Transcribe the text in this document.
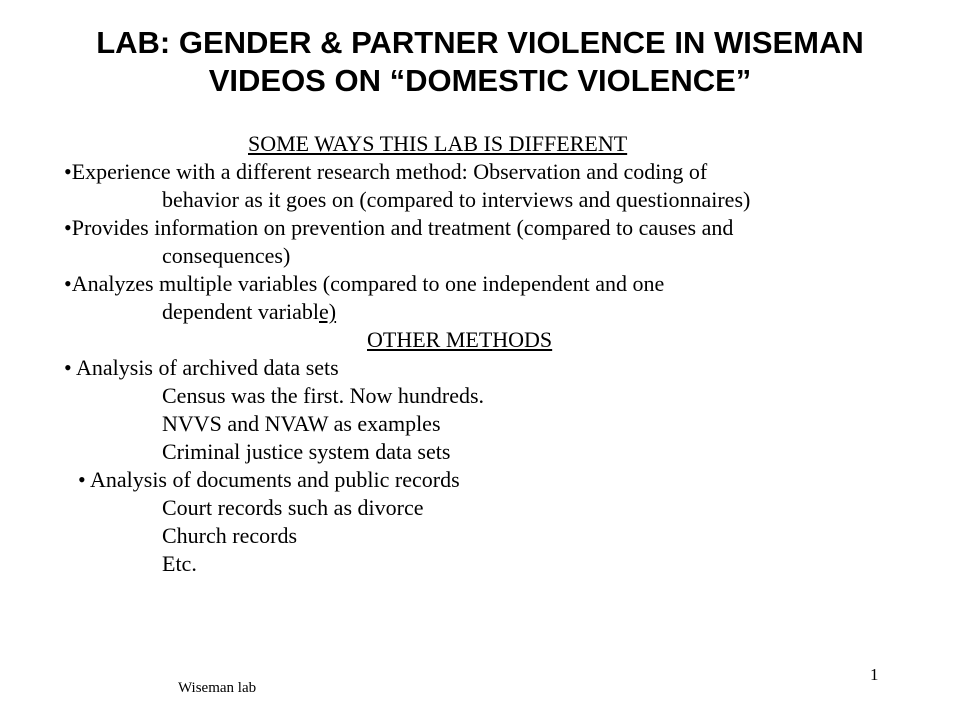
LAB: GENDER & PARTNER VIOLENCE IN WISEMAN
VIDEOS ON “DOMESTIC VIOLENCE”
SOME WAYS THIS LAB IS DIFFERENT
•Experience with a different research method: Observation and coding of
behavior as it goes on (compared to interviews and questionnaires)
•Provides information on prevention and treatment (compared to causes and
consequences)
•Analyzes multiple variables (compared to one independent and one
dependent variable)
OTHER METHODS
• Analysis of archived data sets
Census was the first. Now hundreds.
NVVS and NVAW as examples
Criminal justice system data sets
• Analysis of documents and public records
Court records such as divorce
Church records
Etc.
Wiseman lab
1
